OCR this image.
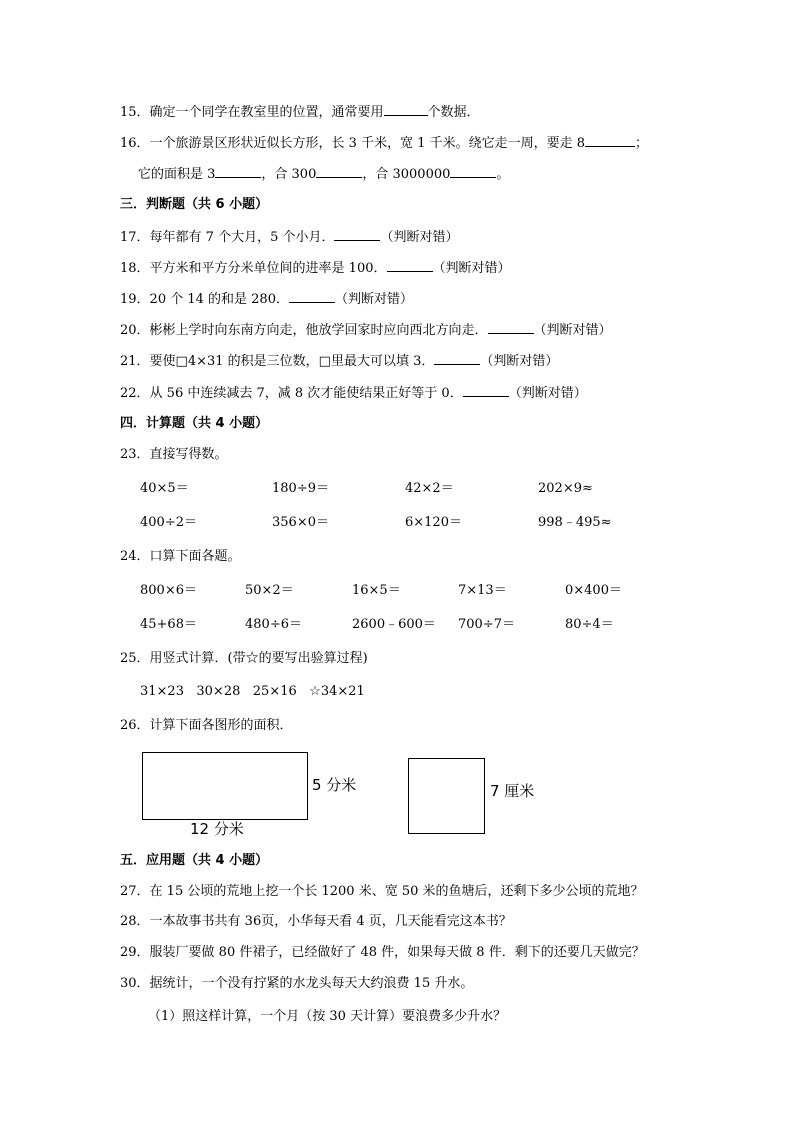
15．确定一个同学在教室里的位置，通常要用	个数据．
16．一个旅游景区形状近似长方形，长 3 千米，宽 1 千米。绕它走一周，要走 8	；
它的面积是 3	，合 300	，合 3000000	。
三．判断题（共 6 小题）
17．每年都有 7 个大月，5 个小月．	（判断对错）
18．平方米和平方分米单位间的进率是 100．	（判断对错）
19．20 个 14 的和是 280．	（判断对错）
20．彬彬上学时向东南方向走，他放学回家时应向西北方向走．	（判断对错）
21．要使□4×31 的积是三位数，□里最大可以填 3．	（判断对错）
22．从 56 中连续减去 7，减 8 次才能使结果正好等于 0．	（判断对错）
四．计算题（共 4 小题）
23．直接写得数。
40×5＝	180÷9＝	42×2＝	202×9≈
400÷2＝	356×0＝	6×120＝	998﹣495≈
24．口算下面各题。
800×6＝	50×2＝	16×5＝	7×13＝	0×400＝
45+68＝	480÷6＝	2600﹣600＝ 700÷7＝	80÷4＝
25．用竖式计算．(带☆的要写出验算过程)
31×23 30×28 25×16 ☆34×21
26．计算下面各图形的面积．
5 分米
12 分米
7 厘米
五．应用题（共 4 小题）
27．在 15 公顷的荒地上挖一个长 1200 米、宽 50 米的鱼塘后，还剩下多少公顷的荒地？
28．一本故事书共有 36页，小华每天看 4 页，几天能看完这本书？
29．服装厂要做 80 件裙子，已经做好了 48 件，如果每天做 8 件．剩下的还要几天做完？
30．据统计，一个没有拧紧的水龙头每天大约浪费 15 升水。
（1）照这样计算，一个月（按 30 天计算）要浪费多少升水？
